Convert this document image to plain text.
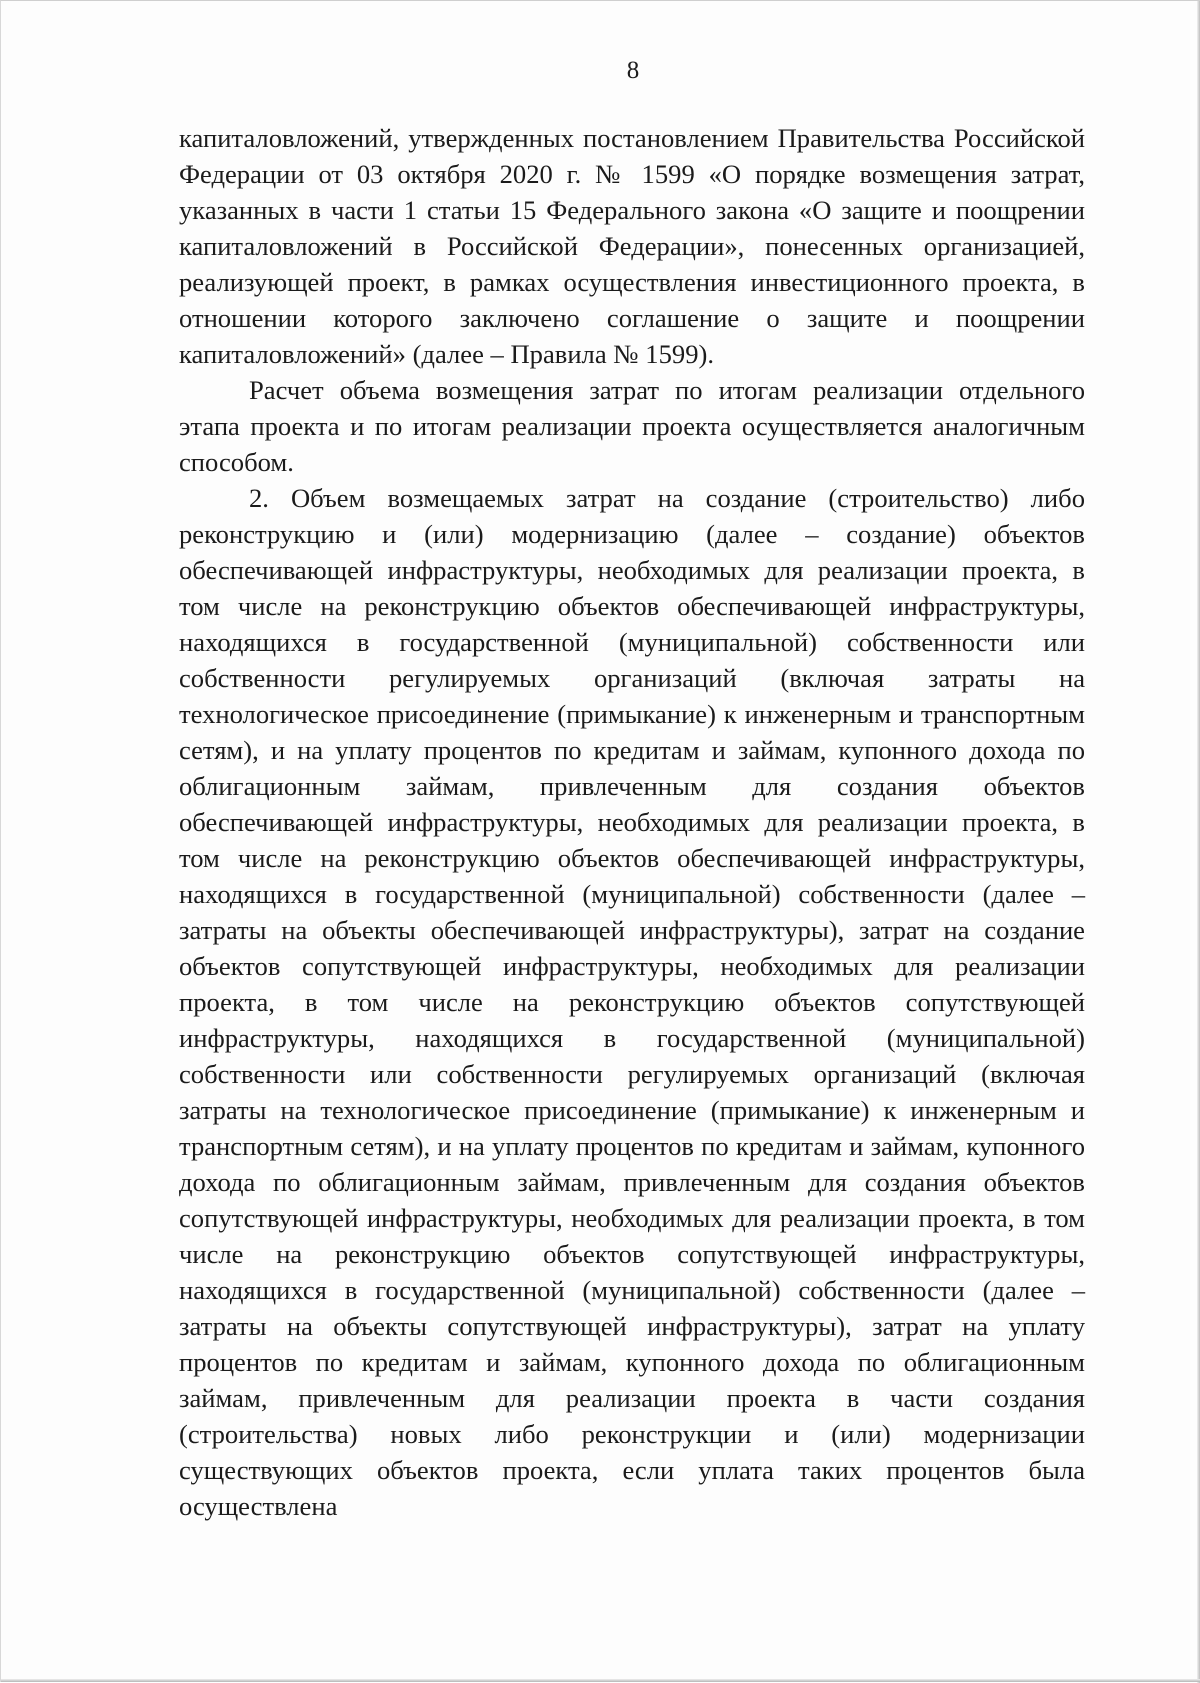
8

капиталовложений, утвержденных постановлением Правительства Российской Федерации от 03 октября 2020 г. № 1599 «О порядке возмещения затрат, указанных в части 1 статьи 15 Федерального закона «О защите и поощрении капиталовложений в Российской Федерации», понесенных организацией, реализующей проект, в рамках осуществления инвестиционного проекта, в отношении которого заключено соглашение о защите и поощрении капиталовложений» (далее – Правила № 1599).

Расчет объема возмещения затрат по итогам реализации отдельного этапа проекта и по итогам реализации проекта осуществляется аналогичным способом.

2. Объем возмещаемых затрат на создание (строительство) либо реконструкцию и (или) модернизацию (далее – создание) объектов обеспечивающей инфраструктуры, необходимых для реализации проекта, в том числе на реконструкцию объектов обеспечивающей инфраструктуры, находящихся в государственной (муниципальной) собственности или собственности регулируемых организаций (включая затраты на технологическое присоединение (примыкание) к инженерным и транспортным сетям), и на уплату процентов по кредитам и займам, купонного дохода по облигационным займам, привлеченным для создания объектов обеспечивающей инфраструктуры, необходимых для реализации проекта, в том числе на реконструкцию объектов обеспечивающей инфраструктуры, находящихся в государственной (муниципальной) собственности (далее – затраты на объекты обеспечивающей инфраструктуры), затрат на создание объектов сопутствующей инфраструктуры, необходимых для реализации проекта, в том числе на реконструкцию объектов сопутствующей инфраструктуры, находящихся в государственной (муниципальной) собственности или собственности регулируемых организаций (включая затраты на технологическое присоединение (примыкание) к инженерным и транспортным сетям), и на уплату процентов по кредитам и займам, купонного дохода по облигационным займам, привлеченным для создания объектов сопутствующей инфраструктуры, необходимых для реализации проекта, в том числе на реконструкцию объектов сопутствующей инфраструктуры, находящихся в государственной (муниципальной) собственности (далее – затраты на объекты сопутствующей инфраструктуры), затрат на уплату процентов по кредитам и займам, купонного дохода по облигационным займам, привлеченным для реализации проекта в части создания (строительства) новых либо реконструкции и (или) модернизации существующих объектов проекта, если уплата таких процентов была осуществлена
